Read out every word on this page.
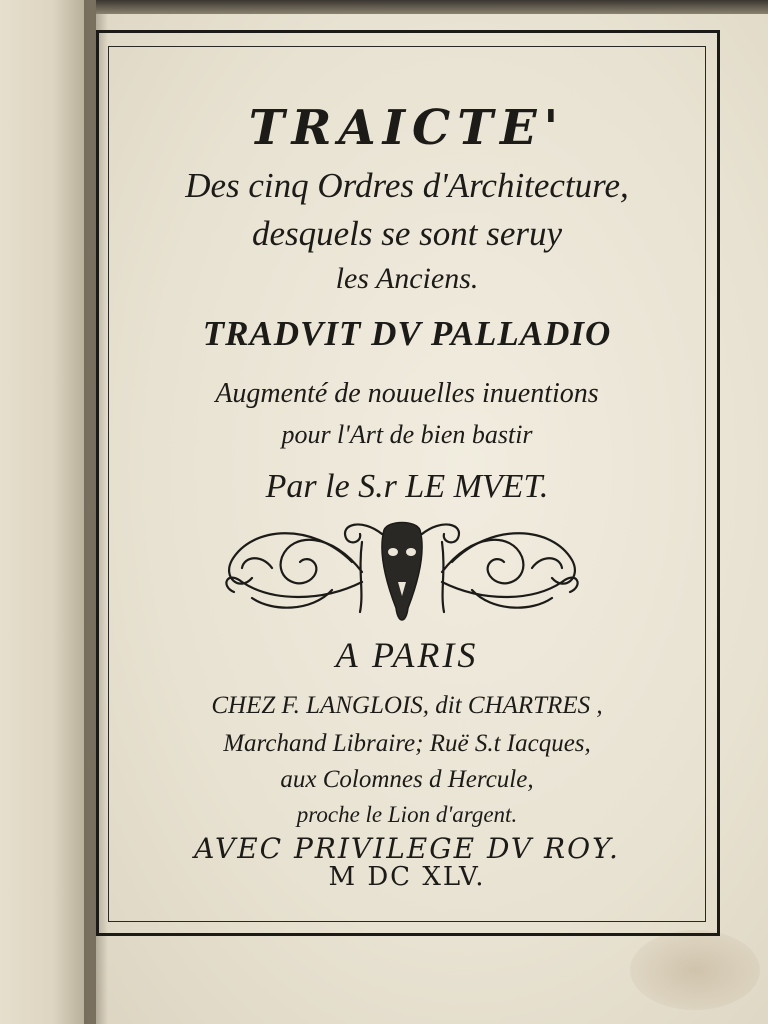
TRAICTE'
Des cinq Ordres d'Architecture,
desquels se sont seruy
les Anciens.
TRADVIT DV PALLADIO
Augmenté de nouuelles inuentions
pour l'Art de bien bastir
Par le S.r LE MVET.
A PARIS
CHEZ F. LANGLOIS, dit CHARTRES ,
Marchand Libraire; Ruë S.t Iacques,
aux Colomnes d Hercule,
proche le Lion d'argent.
AVEC PRIVILEGE DV ROY.
M DC XLV.
